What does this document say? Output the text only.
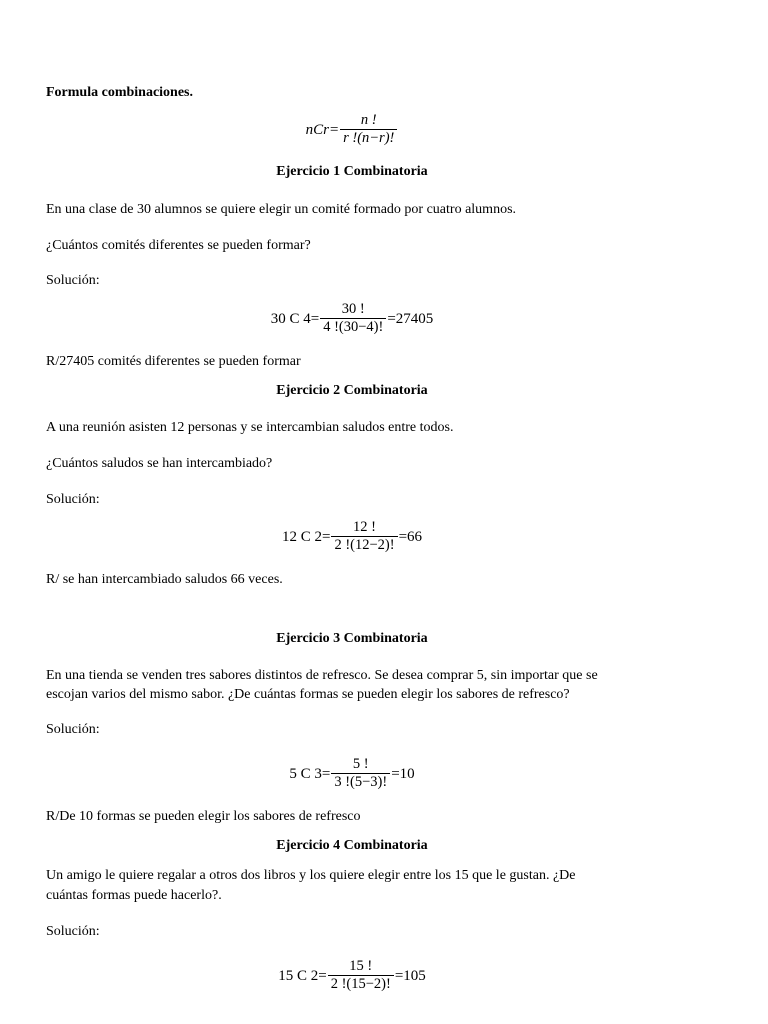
Formula combinaciones.

$nCr= \frac{n !}{r !(n-r)!}$
Ejercicio 1 Combinatoria

En una clase de 30 alumnos se quiere elegir un comité formado por cuatro alumnos.

¿Cuántos comités diferentes se pueden formar?

Solución:

30 C $4= \frac{30 !}{4 !(30-4)!} =27405$

R/27405 comités diferentes se pueden formar

Ejercicio 2 Combinatoria

A una reunión asisten 12 personas y se intercambian saludos entre todos.

¿Cuántos saludos se han intercambiado?

Solución:

12 C $2= \frac{12 !}{2 !(12-2)!} =66$

R/ se han intercambiado saludos 66 veces.

Ejercicio 3 Combinatoria

En una tienda se venden tres sabores distintos de refresco. Se desea comprar 5, sin importar que se

escojan varios del mismo sabor. ¿De cuántas formas se pueden elegir los sabores de refresco?

Solución:

5 C $3= \frac{5 !}{3 !(5-3)!} =10$

R/De 10 formas se pueden elegir los sabores de refresco

Ejercicio 4 Combinatoria

Un amigo le quiere regalar a otros dos libros y los quiere elegir entre los 15 que le gustan. ¿De

cuántas formas puede hacerlo?.

Solución:

15 C $2= \frac{15 !}{2 !(15-2)!} =105$
